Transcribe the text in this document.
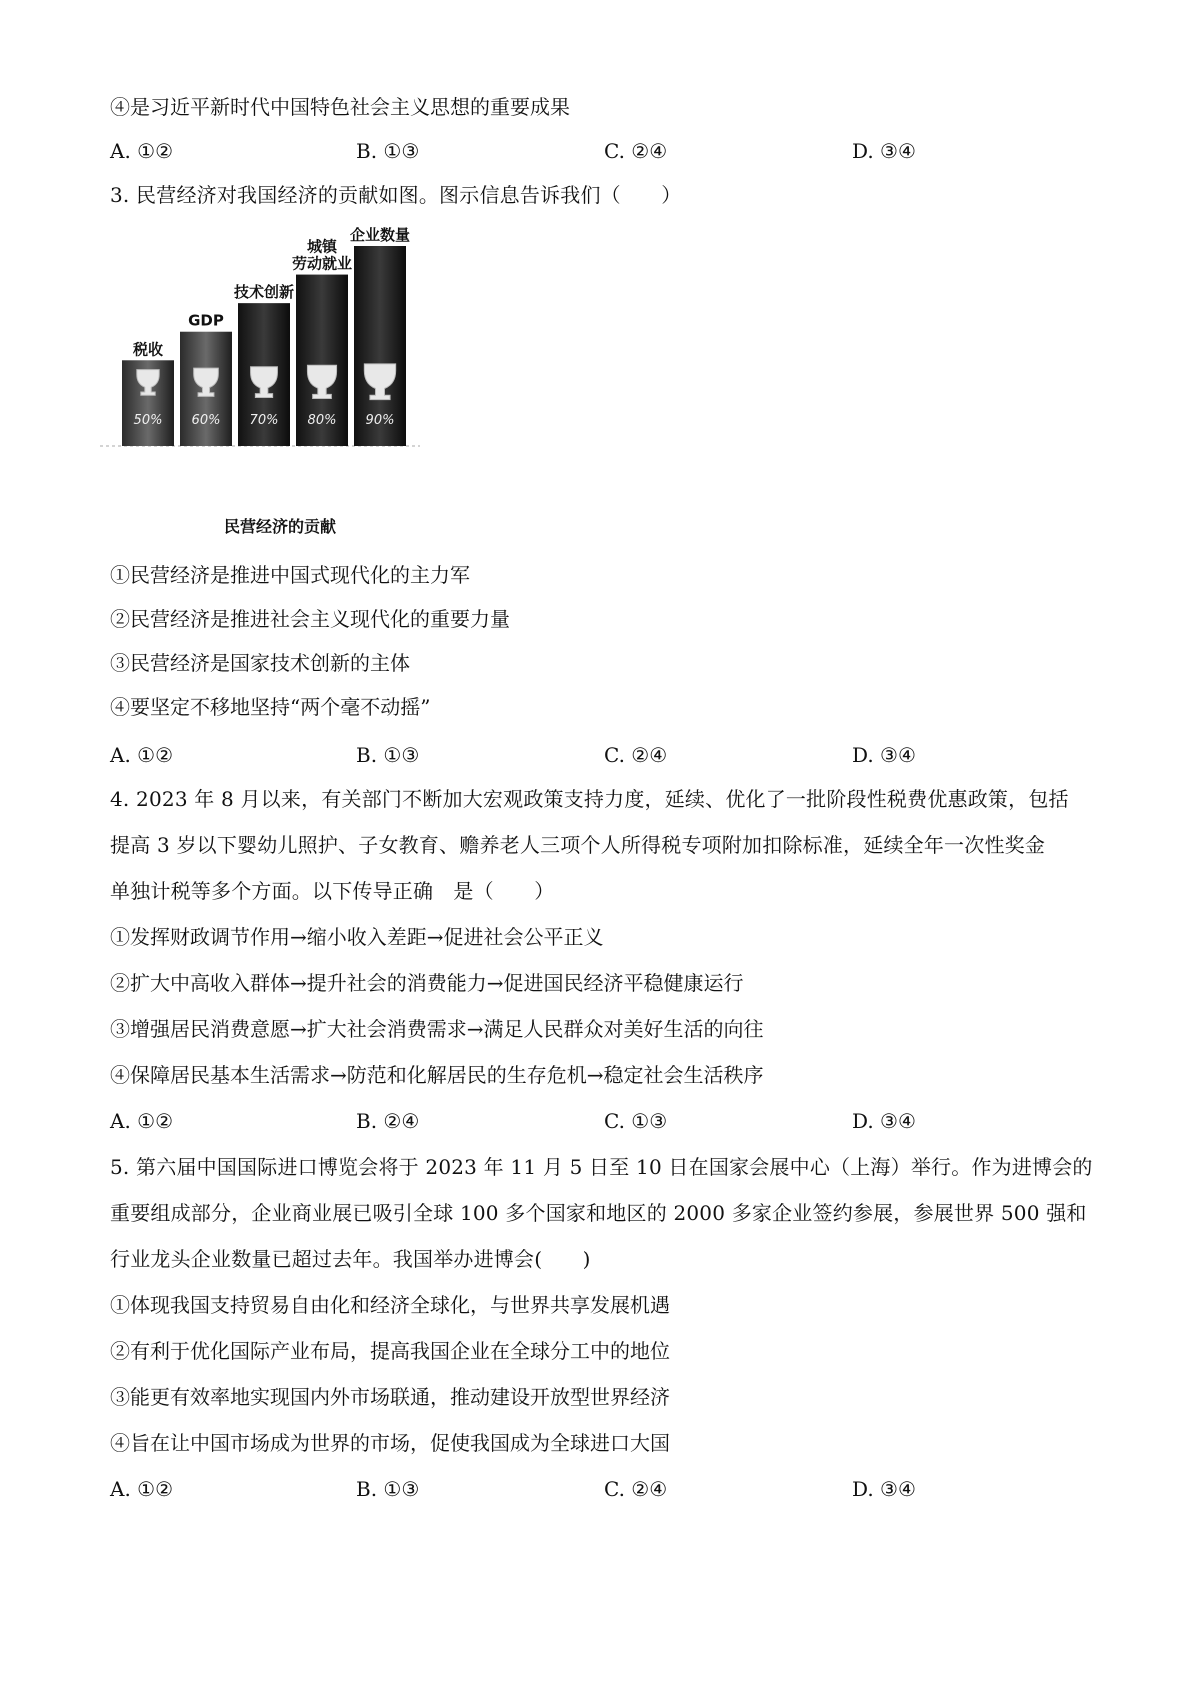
④是习近平新时代中国特色社会主义思想的重要成果
A. ①②	B. ①③	C. ②④	D. ③④
3. 民营经济对我国经济的贡献如图。图示信息告诉我们（　　）
50%
税收
60%
GDP
70%
技术创新
80%
城镇
劳动就业
90%
企业数量
民营经济的贡献
①民营经济是推进中国式现代化的主力军
②民营经济是推进社会主义现代化的重要力量
③民营经济是国家技术创新的主体
④要坚定不移地坚持“两个毫不动摇”
A. ①②	B. ①③	C. ②④	D. ③④
4. 2023 年 8 月以来，有关部门不断加大宏观政策支持力度，延续、优化了一批阶段性税费优惠政策，包括
提高 3 岁以下婴幼儿照护、子女教育、赡养老人三项个人所得税专项附加扣除标准，延续全年一次性奖金
单独计税等多个方面。以下传导正确　是（　　）
①发挥财政调节作用→缩小收入差距→促进社会公平正义
②扩大中高收入群体→提升社会的消费能力→促进国民经济平稳健康运行
③增强居民消费意愿→扩大社会消费需求→满足人民群众对美好生活的向往
④保障居民基本生活需求→防范和化解居民的生存危机→稳定社会生活秩序
A. ①②	B. ②④	C. ①③	D. ③④
5. 第六届中国国际进口博览会将于 2023 年 11 月 5 日至 10 日在国家会展中心（上海）举行。作为进博会的
重要组成部分，企业商业展已吸引全球 100 多个国家和地区的 2000 多家企业签约参展，参展世界 500 强和
行业龙头企业数量已超过去年。我国举办进博会(　　)
①体现我国支持贸易自由化和经济全球化，与世界共享发展机遇
②有利于优化国际产业布局，提高我国企业在全球分工中的地位
③能更有效率地实现国内外市场联通，推动建设开放型世界经济
④旨在让中国市场成为世界的市场，促使我国成为全球进口大国
A. ①②	B. ①③	C. ②④	D. ③④
